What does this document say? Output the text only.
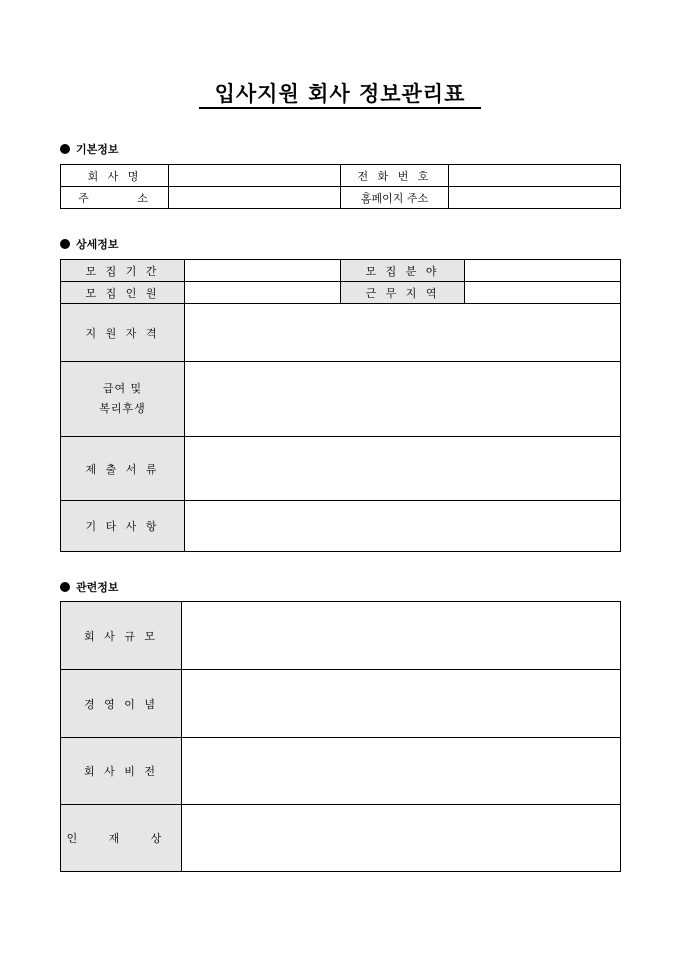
입사지원 회사 정보관리표
기본정보
회 사 명		전 화 번 호	
주       소		홈페이지 주소	
상세정보
모 집 기 간		모 집 분 야	
모 집 인 원		근 무 지 역	
지 원 자 격			

급여 및
복리후생			

제 출 서 류			
기 타 사 항			
관련정보
회 사 규 모	
경 영 이 념	
회 사 비 전	
인 재 상	
